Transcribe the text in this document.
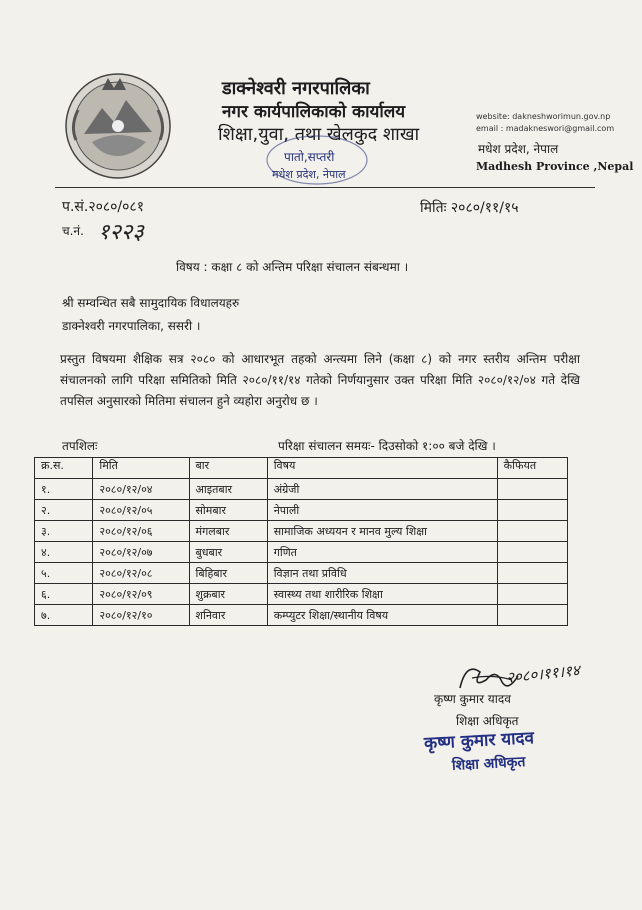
डाक्नेश्वरी नगरपालिका
नगर कार्यपालिकाको कार्यालय
शिक्षा,युवा, तथा खेलकुद शाखा
पातो,सप्तरी
मधेश प्रदेश, नेपाल
website: dakneshworimun.gov.np
email : madakneswori@gmail.com
मधेश प्रदेश, नेपाल
Madhesh Province ,Nepal
प.सं.२०८०/०८१	मितिः २०८०/११/१५
च.नं. १२२३
विषय : कक्षा ८ को अन्तिम परिक्षा संचालन संबन्धमा ।
श्री सम्वन्धित सबै सामुदायिक विधालयहरु
डाक्नेश्वरी नगरपालिका, ससरी ।
प्रस्तुत विषयमा शैक्षिक सत्र २०८० को आधारभूत तहको अन्त्यमा लिने (कक्षा ८) को नगर स्तरीय अन्तिम परीक्षा संचालनको लागि परिक्षा समितिको मिति २०८०/११/१४ गतेको निर्णयानुसार उक्त परिक्षा मिति २०८०/१२/०४ गते देखि तपसिल अनुसारको मितिमा संचालन हुने व्यहोरा अनुरोध छ ।
तपशिलः	परिक्षा संचालन समयः- दिउसोको १:०० बजे देखि ।
क्र.स.	मिति	बार	विषय	कैफियत
१.	२०८०/१२/०४	आइतबार	अंग्रेजी	
२.	२०८०/१२/०५	सोमबार	नेपाली	
३.	२०८०/१२/०६	मंगलबार	सामाजिक अध्ययन र मानव मुल्य शिक्षा	
४.	२०८०/१२/०७	बुधबार	गणित	
५.	२०८०/१२/०८	बिहिबार	विज्ञान तथा प्रविधि	
६.	२०८०/१२/०९	शुक्रबार	स्वास्थ्य तथा शारीरिक शिक्षा	
७.	२०८०/१२/१०	शनिवार	कम्प्युटर शिक्षा/स्थानीय विषय	
२०८०।११।१४
कृष्ण कुमार यादव
शिक्षा अधिकृत
कृष्ण कुमार यादव
शिक्षा अधिकृत
